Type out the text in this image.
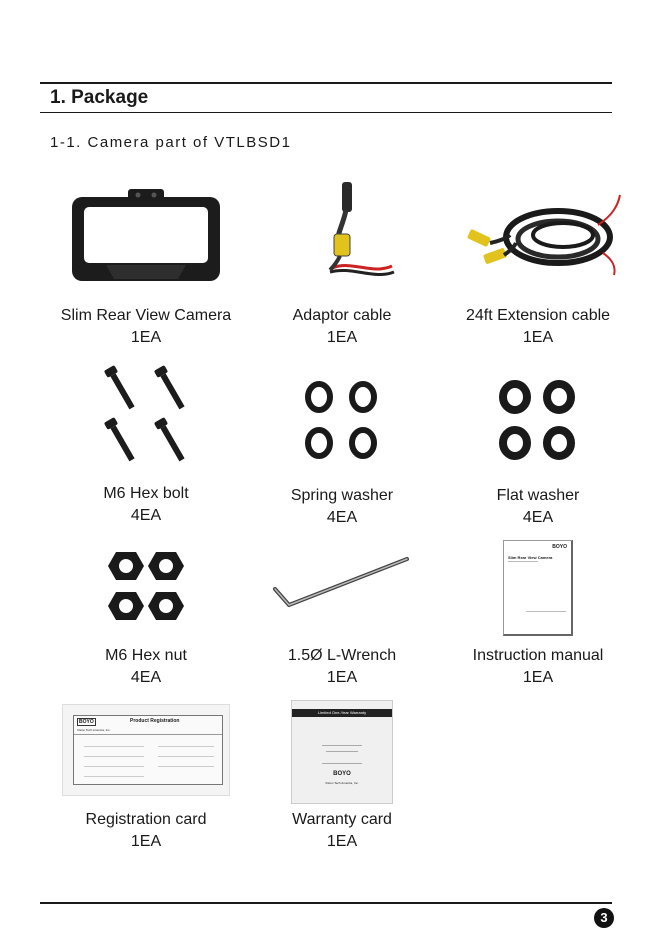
1. Package
1-1. Camera part of VTLBSD1
Slim Rear View Camera
1EA
Adaptor cable
1EA
24ft Extension cable
1EA
M6 Hex bolt
4EA
Spring washer
4EA
Flat washer
4EA
M6 Hex nut
4EA
1.5Ø L-Wrench
1EA
BOYO
Slim Rear View Camera
Instruction manual
1EA
BOYO	Product Registration
Vision Tech America, Inc.
Registration card
1EA
Limited One-Year Warranty
BOYO
Vision Tech America, Inc.
Warranty card
1EA
3
